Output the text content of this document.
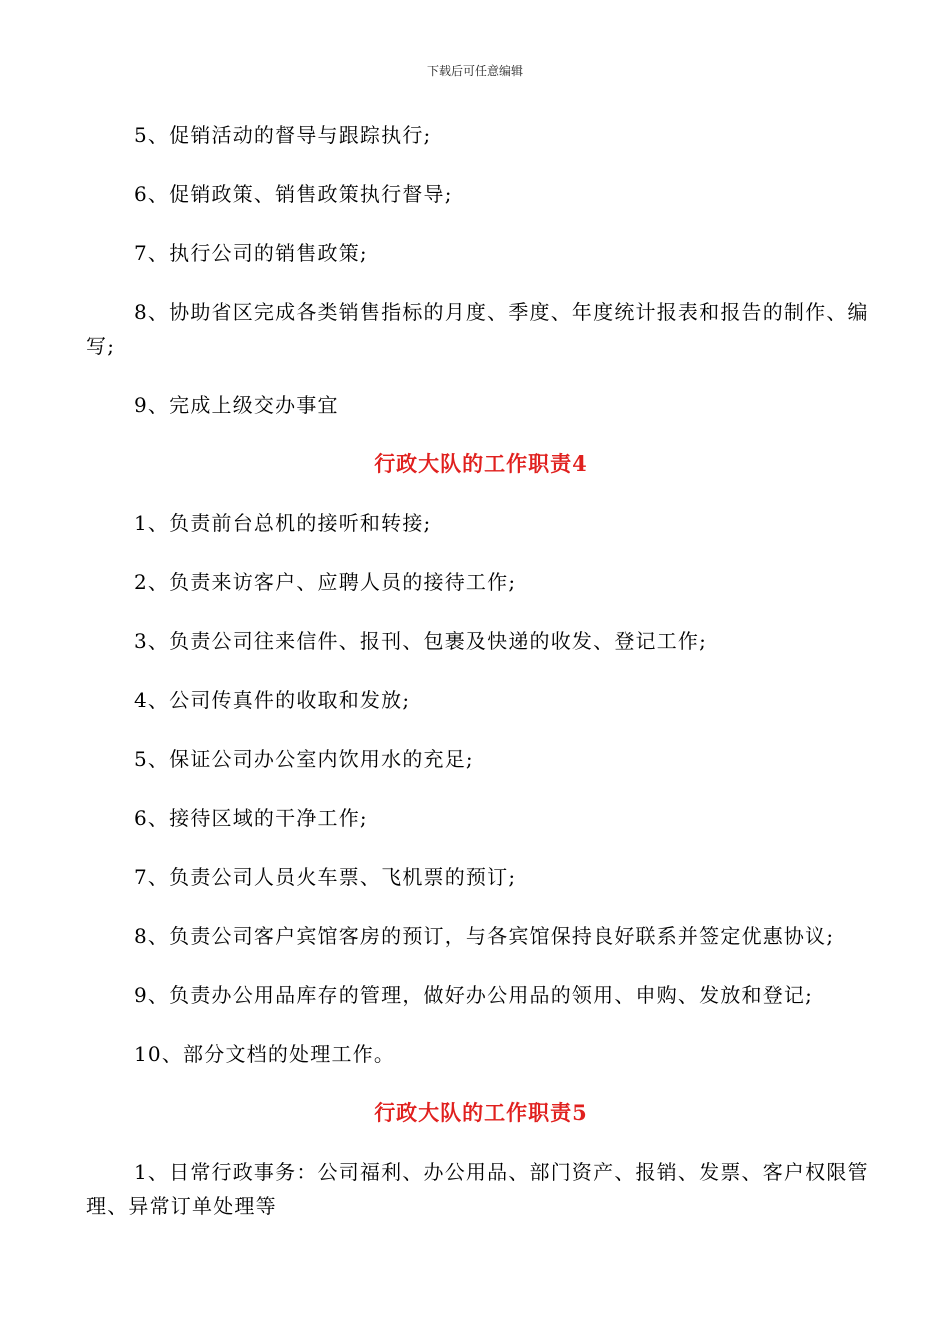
下载后可任意编辑

5、促销活动的督导与跟踪执行;

6、促销政策、销售政策执行督导;

7、执行公司的销售政策;

8、协助省区完成各类销售指标的月度、季度、年度统计报表和报告的制作、编写;

9、完成上级交办事宜

行政大队的工作职责4

1、负责前台总机的接听和转接;

2、负责来访客户、应聘人员的接待工作;

3、负责公司往来信件、报刊、包裹及快递的收发、登记工作;

4、公司传真件的收取和发放;

5、保证公司办公室内饮用水的充足;

6、接待区域的干净工作;

7、负责公司人员火车票、飞机票的预订;

8、负责公司客户宾馆客房的预订，与各宾馆保持良好联系并签定优惠协议;

9、负责办公用品库存的管理，做好办公用品的领用、申购、发放和登记;

10、部分文档的处理工作。

行政大队的工作职责5

1、日常行政事务：公司福利、办公用品、部门资产、报销、发票、客户权限管理、异常订单处理等
